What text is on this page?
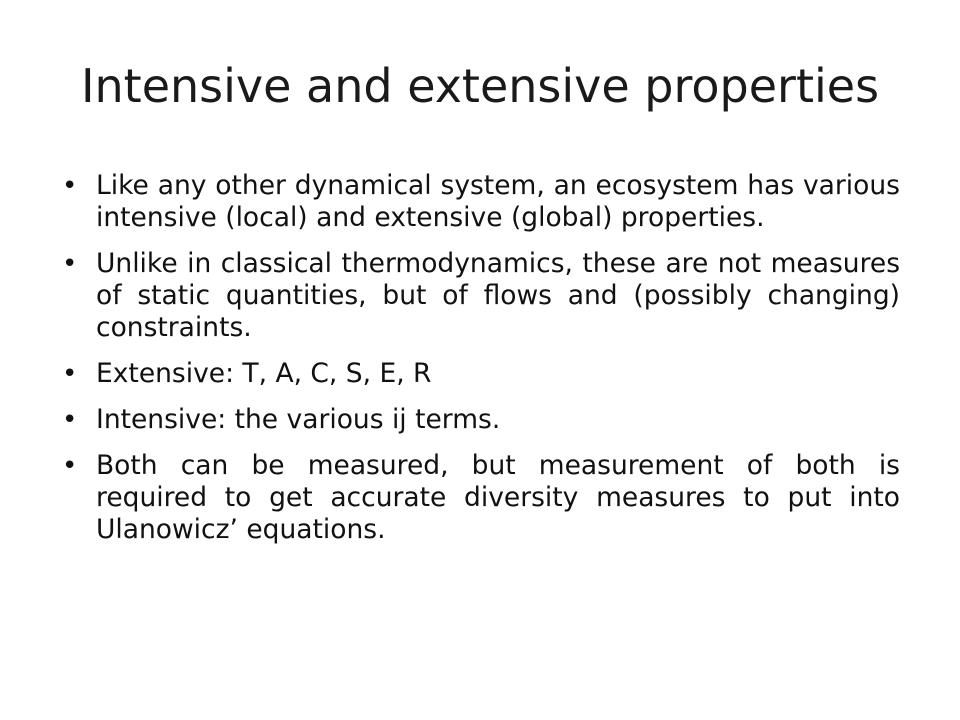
Intensive and extensive properties
• Like any other dynamical system, an ecosystem has various intensive (local) and extensive (global) properties.
• Unlike in classical thermodynamics, these are not measures of static quantities, but of flows and (possibly changing) constraints.
• Extensive: T, A, C, S, E, R
• Intensive: the various ij terms.
• Both can be measured, but measurement of both is required to get accurate diversity measures to put into Ulanowicz’ equations.
